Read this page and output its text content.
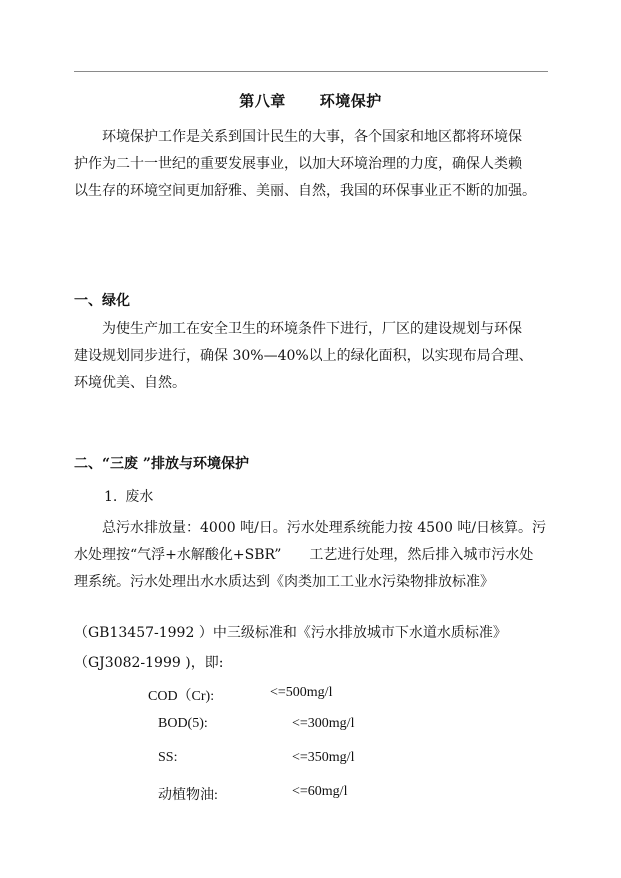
第八章 环境保护
　　环境保护工作是关系到国计民生的大事，各个国家和地区都将环境保
护作为二十一世纪的重要发展事业，以加大环境治理的力度，确保人类赖
以生存的环境空间更加舒雅、美丽、自然，我国的环保事业正不断的加强。
一、绿化
　　为使生产加工在安全卫生的环境条件下进行，厂区的建设规划与环保
建设规划同步进行，确保 30%—40%以上的绿化面积，以实现布局合理、
环境优美、自然。
二、“三废 ”排放与环境保护
1. 废水
　　总污水排放量：4000 吨/日。污水处理系统能力按 4500 吨/日核算。污
水处理按“气浮+水解酸化+SBR”　　工艺进行处理，然后排入城市污水处
理系统。污水处理出水水质达到《肉类加工工业水污染物排放标准》
（GB13457-1992 ）中三级标准和《污水排放城市下水道水质标准》
（GJ3082-1999 )，即:
COD（Cr):	<=500mg/l
BOD(5):	<=300mg/l
SS:	<=350mg/l
动植物油:	<=60mg/l
